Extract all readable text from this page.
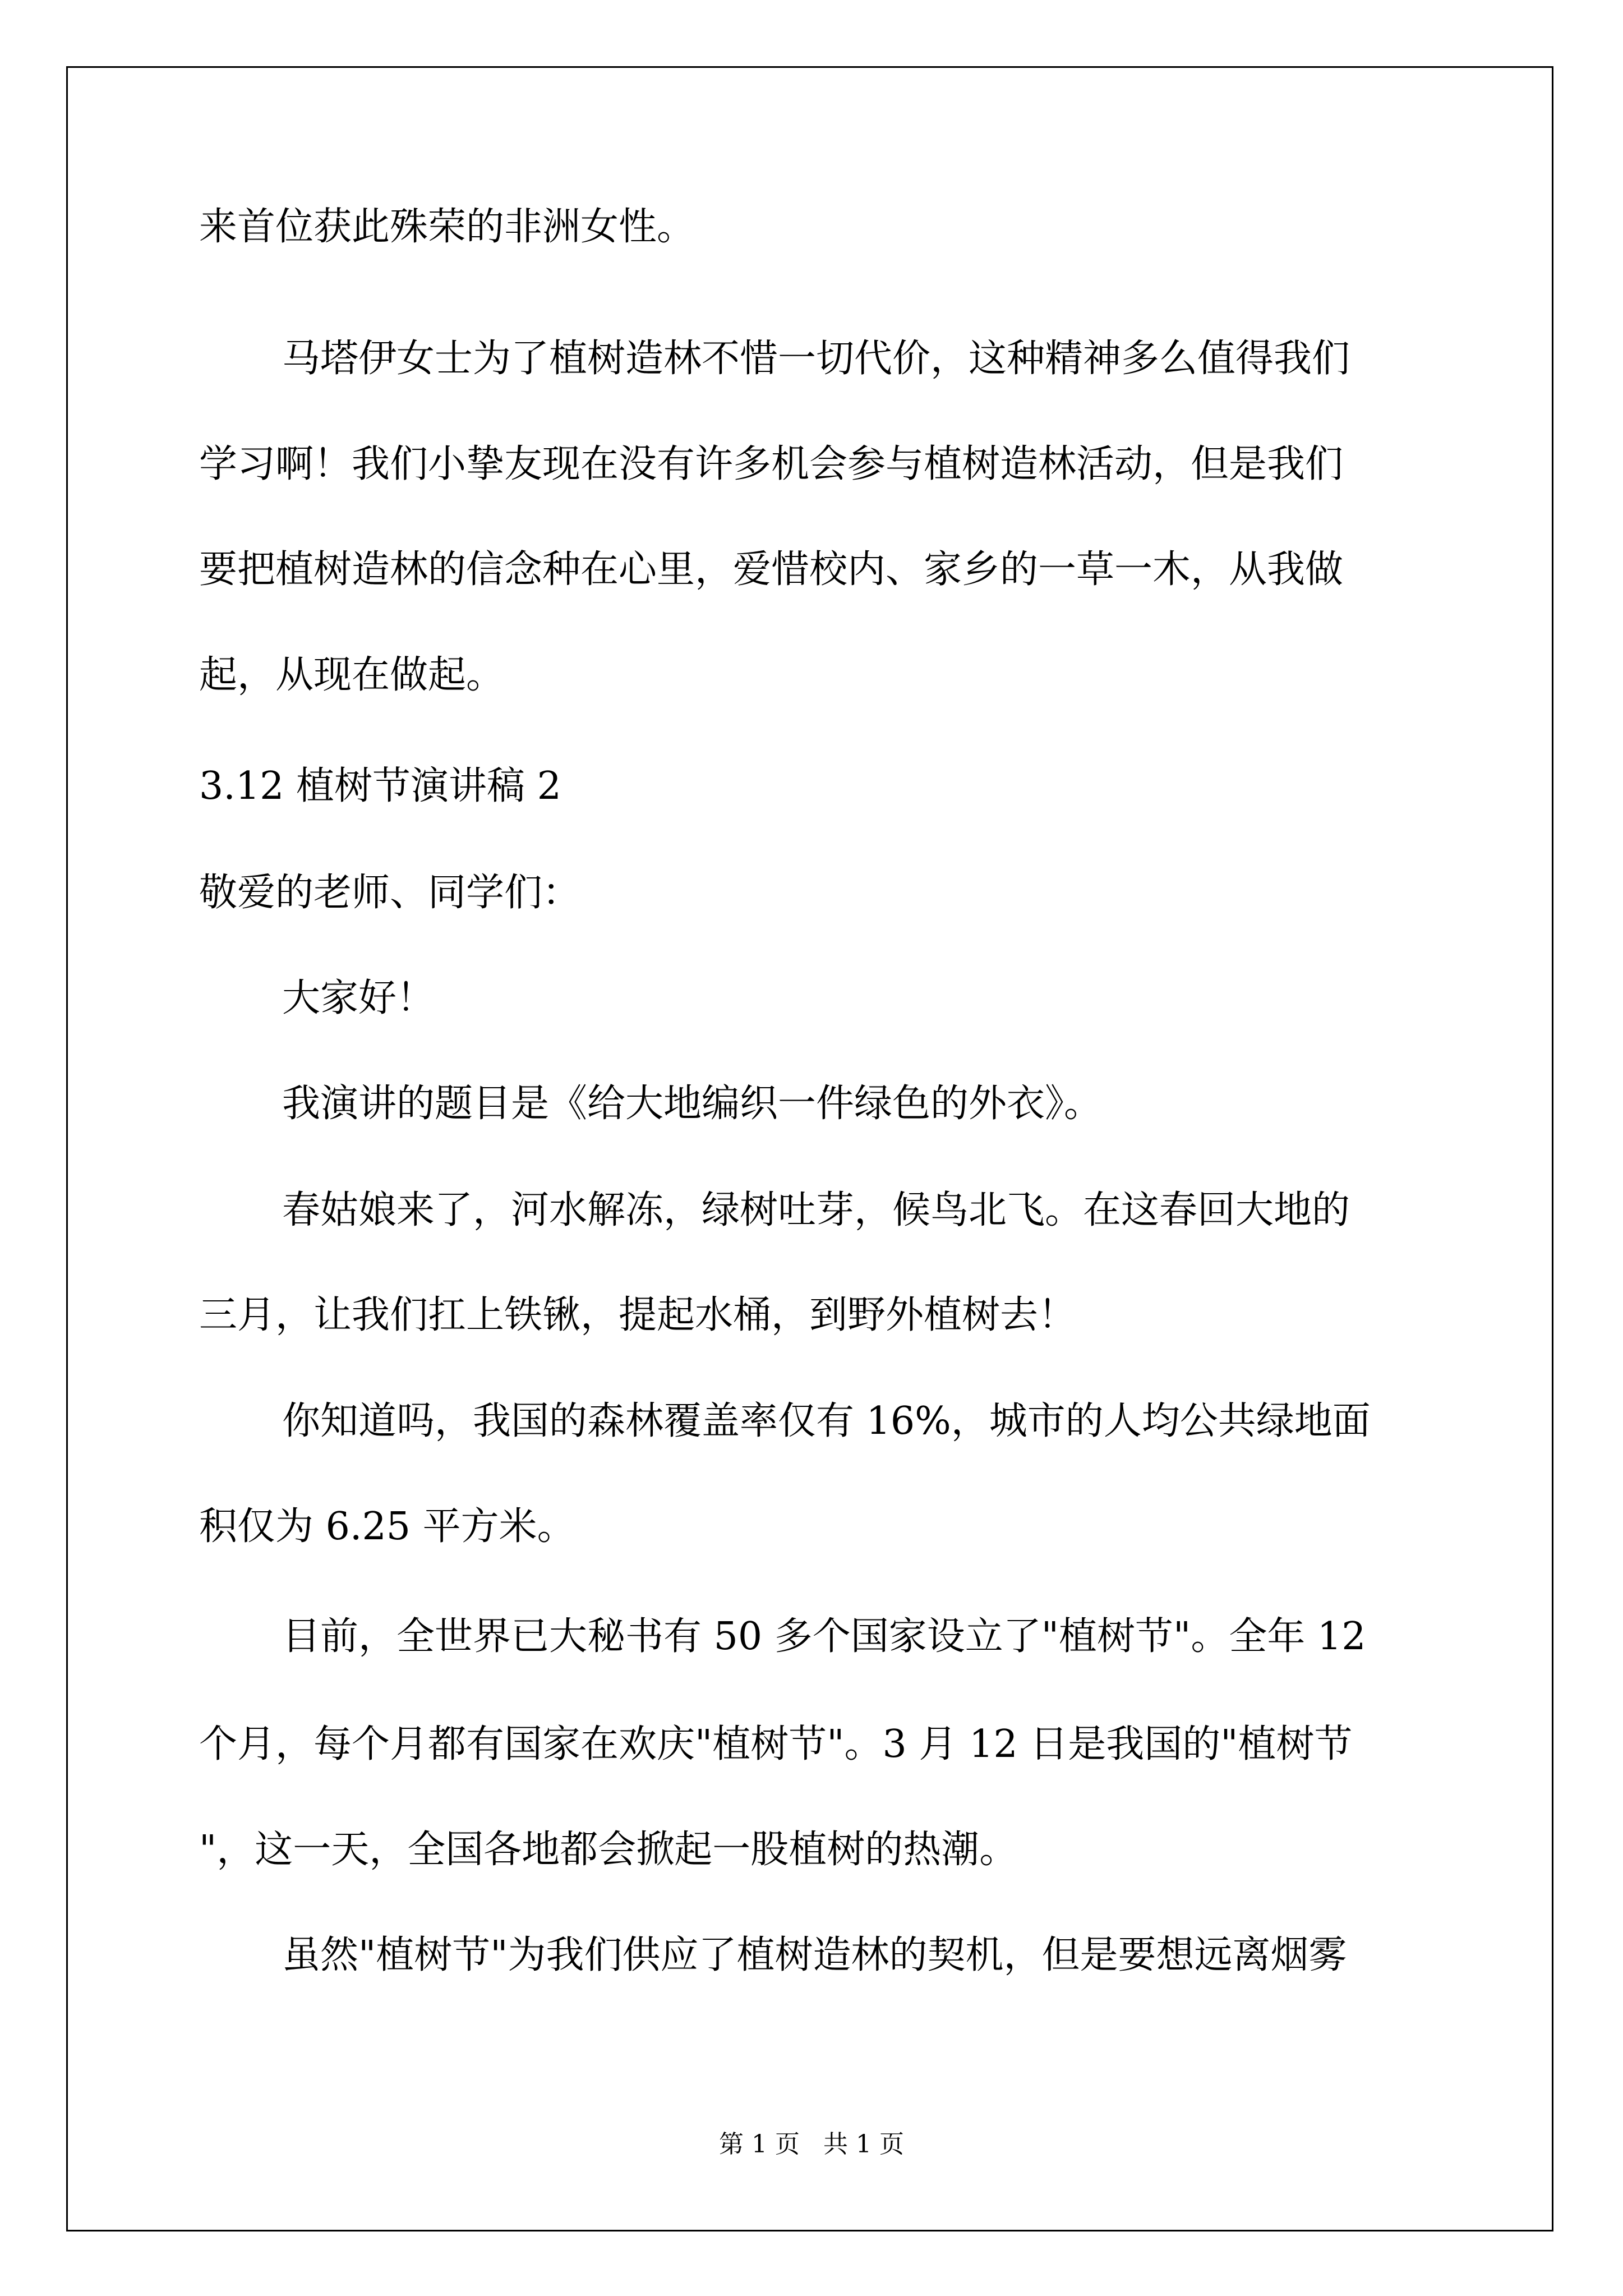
来首位获此殊荣的非洲女性。
马塔伊女士为了植树造林不惜一切代价，这种精神多么值得我们
学习啊！我们小挚友现在没有许多机会参与植树造林活动，但是我们
要把植树造林的信念种在心里，爱惜校内、家乡的一草一木，从我做
起，从现在做起。
3.12 植树节演讲稿 2
敬爱的老师、同学们：
大家好！
我演讲的题目是《给大地编织一件绿色的外衣》。
春姑娘来了，河水解冻，绿树吐芽，候鸟北飞。在这春回大地的
三月，让我们扛上铁锹，提起水桶，到野外植树去！
你知道吗，我国的森林覆盖率仅有 16%，城市的人均公共绿地面
积仅为 6.25 平方米。
目前，全世界已大秘书有 50 多个国家设立了"植树节"。全年 12
个月，每个月都有国家在欢庆"植树节"。3 月 12 日是我国的"植树节
"，这一天，全国各地都会掀起一股植树的热潮。
虽然"植树节"为我们供应了植树造林的契机，但是要想远离烟雾
第 1 页   共 1 页
